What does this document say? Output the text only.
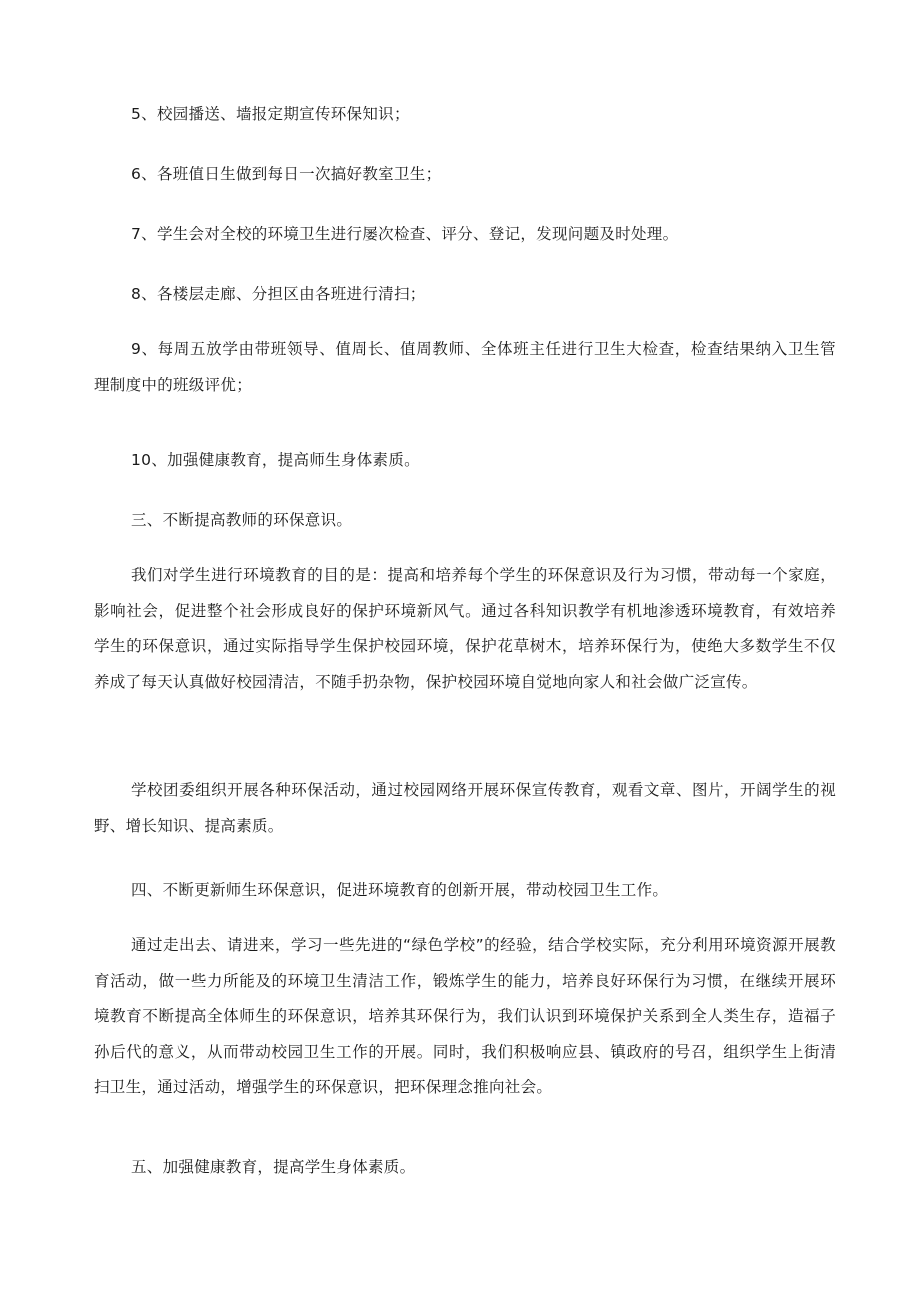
5、校园播送、墙报定期宣传环保知识；
6、各班值日生做到每日一次搞好教室卫生；
7、学生会对全校的环境卫生进行屡次检查、评分、登记，发现问题及时处理。
8、各楼层走廊、分担区由各班进行清扫；

9、每周五放学由带班领导、值周长、值周教师、全体班主任进行卫生大检查，检查结果纳入卫生管理制度中的班级评优；

10、加强健康教育，提高师生身体素质。
三、不断提高教师的环保意识。

我们对学生进行环境教育的目的是：提高和培养每个学生的环保意识及行为习惯，带动每一个家庭，影响社会，促进整个社会形成良好的保护环境新风气。通过各科知识教学有机地渗透环境教育，有效培养学生的环保意识，通过实际指导学生保护校园环境，保护花草树木，培养环保行为，使绝大多数学生不仅养成了每天认真做好校园清洁，不随手扔杂物，保护校园环境自觉地向家人和社会做广泛宣传。

学校团委组织开展各种环保活动，通过校园网络开展环保宣传教育，观看文章、图片，开阔学生的视野、增长知识、提高素质。

四、不断更新师生环保意识，促进环境教育的创新开展，带动校园卫生工作。

通过走出去、请进来，学习一些先进的“绿色学校”的经验，结合学校实际，充分利用环境资源开展教育活动，做一些力所能及的环境卫生清洁工作，锻炼学生的能力，培养良好环保行为习惯，在继续开展环境教育不断提高全体师生的环保意识，培养其环保行为，我们认识到环境保护关系到全人类生存，造福子孙后代的意义，从而带动校园卫生工作的开展。同时，我们积极响应县、镇政府的号召，组织学生上街清扫卫生，通过活动，增强学生的环保意识，把环保理念推向社会。

五、加强健康教育，提高学生身体素质。
